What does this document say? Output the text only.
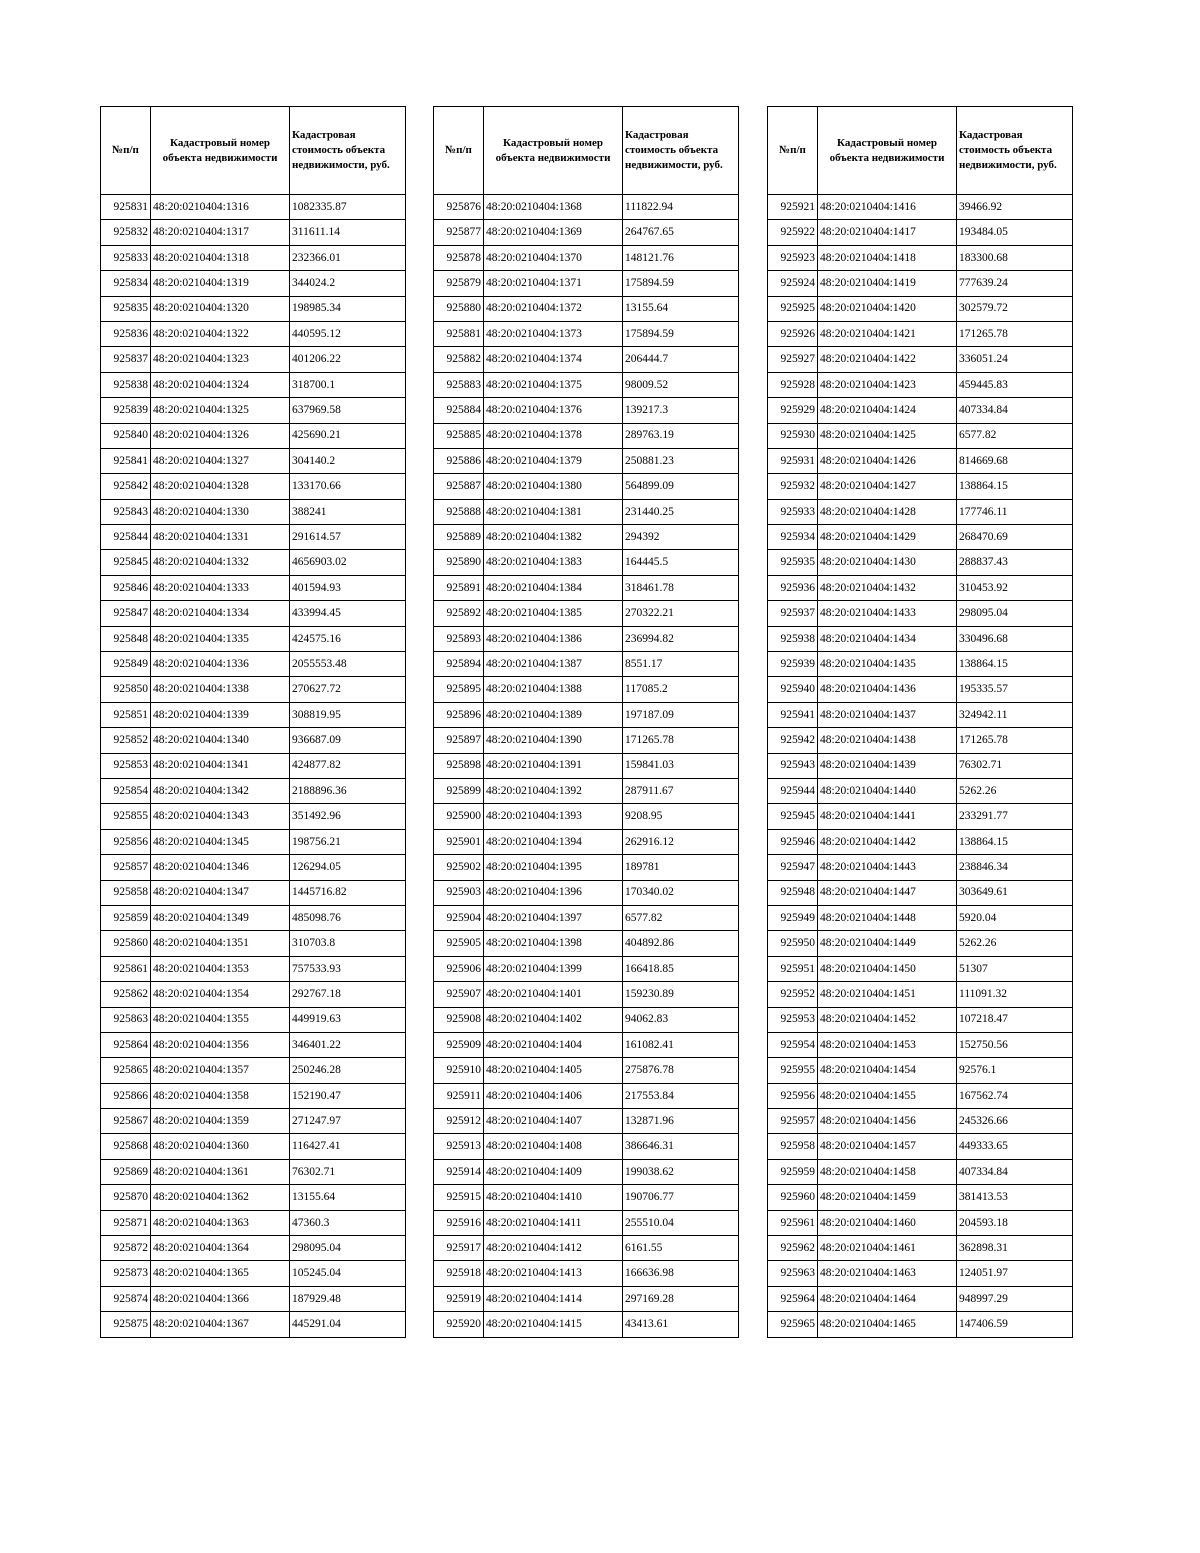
№п/п	Кадастровый номер объекта недвижимости	Кадастровая стоимость объекта недвижимости, руб.
925831	48:20:0210404:1316	1082335.87
925832	48:20:0210404:1317	311611.14
925833	48:20:0210404:1318	232366.01
925834	48:20:0210404:1319	344024.2
925835	48:20:0210404:1320	198985.34
925836	48:20:0210404:1322	440595.12
925837	48:20:0210404:1323	401206.22
925838	48:20:0210404:1324	318700.1
925839	48:20:0210404:1325	637969.58
925840	48:20:0210404:1326	425690.21
925841	48:20:0210404:1327	304140.2
925842	48:20:0210404:1328	133170.66
925843	48:20:0210404:1330	388241
925844	48:20:0210404:1331	291614.57
925845	48:20:0210404:1332	4656903.02
925846	48:20:0210404:1333	401594.93
925847	48:20:0210404:1334	433994.45
925848	48:20:0210404:1335	424575.16
925849	48:20:0210404:1336	2055553.48
925850	48:20:0210404:1338	270627.72
925851	48:20:0210404:1339	308819.95
925852	48:20:0210404:1340	936687.09
925853	48:20:0210404:1341	424877.82
925854	48:20:0210404:1342	2188896.36
925855	48:20:0210404:1343	351492.96
925856	48:20:0210404:1345	198756.21
925857	48:20:0210404:1346	126294.05
925858	48:20:0210404:1347	1445716.82
925859	48:20:0210404:1349	485098.76
925860	48:20:0210404:1351	310703.8
925861	48:20:0210404:1353	757533.93
925862	48:20:0210404:1354	292767.18
925863	48:20:0210404:1355	449919.63
925864	48:20:0210404:1356	346401.22
925865	48:20:0210404:1357	250246.28
925866	48:20:0210404:1358	152190.47
925867	48:20:0210404:1359	271247.97
925868	48:20:0210404:1360	116427.41
925869	48:20:0210404:1361	76302.71
925870	48:20:0210404:1362	13155.64
925871	48:20:0210404:1363	47360.3
925872	48:20:0210404:1364	298095.04
925873	48:20:0210404:1365	105245.04
925874	48:20:0210404:1366	187929.48
925875	48:20:0210404:1367	445291.04
№п/п	Кадастровый номер объекта недвижимости	Кадастровая стоимость объекта недвижимости, руб.
925876	48:20:0210404:1368	111822.94
925877	48:20:0210404:1369	264767.65
925878	48:20:0210404:1370	148121.76
925879	48:20:0210404:1371	175894.59
925880	48:20:0210404:1372	13155.64
925881	48:20:0210404:1373	175894.59
925882	48:20:0210404:1374	206444.7
925883	48:20:0210404:1375	98009.52
925884	48:20:0210404:1376	139217.3
925885	48:20:0210404:1378	289763.19
925886	48:20:0210404:1379	250881.23
925887	48:20:0210404:1380	564899.09
925888	48:20:0210404:1381	231440.25
925889	48:20:0210404:1382	294392
925890	48:20:0210404:1383	164445.5
925891	48:20:0210404:1384	318461.78
925892	48:20:0210404:1385	270322.21
925893	48:20:0210404:1386	236994.82
925894	48:20:0210404:1387	8551.17
925895	48:20:0210404:1388	117085.2
925896	48:20:0210404:1389	197187.09
925897	48:20:0210404:1390	171265.78
925898	48:20:0210404:1391	159841.03
925899	48:20:0210404:1392	287911.67
925900	48:20:0210404:1393	9208.95
925901	48:20:0210404:1394	262916.12
925902	48:20:0210404:1395	189781
925903	48:20:0210404:1396	170340.02
925904	48:20:0210404:1397	6577.82
925905	48:20:0210404:1398	404892.86
925906	48:20:0210404:1399	166418.85
925907	48:20:0210404:1401	159230.89
925908	48:20:0210404:1402	94062.83
925909	48:20:0210404:1404	161082.41
925910	48:20:0210404:1405	275876.78
925911	48:20:0210404:1406	217553.84
925912	48:20:0210404:1407	132871.96
925913	48:20:0210404:1408	386646.31
925914	48:20:0210404:1409	199038.62
925915	48:20:0210404:1410	190706.77
925916	48:20:0210404:1411	255510.04
925917	48:20:0210404:1412	6161.55
925918	48:20:0210404:1413	166636.98
925919	48:20:0210404:1414	297169.28
925920	48:20:0210404:1415	43413.61
№п/п	Кадастровый номер объекта недвижимости	Кадастровая стоимость объекта недвижимости, руб.
925921	48:20:0210404:1416	39466.92
925922	48:20:0210404:1417	193484.05
925923	48:20:0210404:1418	183300.68
925924	48:20:0210404:1419	777639.24
925925	48:20:0210404:1420	302579.72
925926	48:20:0210404:1421	171265.78
925927	48:20:0210404:1422	336051.24
925928	48:20:0210404:1423	459445.83
925929	48:20:0210404:1424	407334.84
925930	48:20:0210404:1425	6577.82
925931	48:20:0210404:1426	814669.68
925932	48:20:0210404:1427	138864.15
925933	48:20:0210404:1428	177746.11
925934	48:20:0210404:1429	268470.69
925935	48:20:0210404:1430	288837.43
925936	48:20:0210404:1432	310453.92
925937	48:20:0210404:1433	298095.04
925938	48:20:0210404:1434	330496.68
925939	48:20:0210404:1435	138864.15
925940	48:20:0210404:1436	195335.57
925941	48:20:0210404:1437	324942.11
925942	48:20:0210404:1438	171265.78
925943	48:20:0210404:1439	76302.71
925944	48:20:0210404:1440	5262.26
925945	48:20:0210404:1441	233291.77
925946	48:20:0210404:1442	138864.15
925947	48:20:0210404:1443	238846.34
925948	48:20:0210404:1447	303649.61
925949	48:20:0210404:1448	5920.04
925950	48:20:0210404:1449	5262.26
925951	48:20:0210404:1450	51307
925952	48:20:0210404:1451	111091.32
925953	48:20:0210404:1452	107218.47
925954	48:20:0210404:1453	152750.56
925955	48:20:0210404:1454	92576.1
925956	48:20:0210404:1455	167562.74
925957	48:20:0210404:1456	245326.66
925958	48:20:0210404:1457	449333.65
925959	48:20:0210404:1458	407334.84
925960	48:20:0210404:1459	381413.53
925961	48:20:0210404:1460	204593.18
925962	48:20:0210404:1461	362898.31
925963	48:20:0210404:1463	124051.97
925964	48:20:0210404:1464	948997.29
925965	48:20:0210404:1465	147406.59
